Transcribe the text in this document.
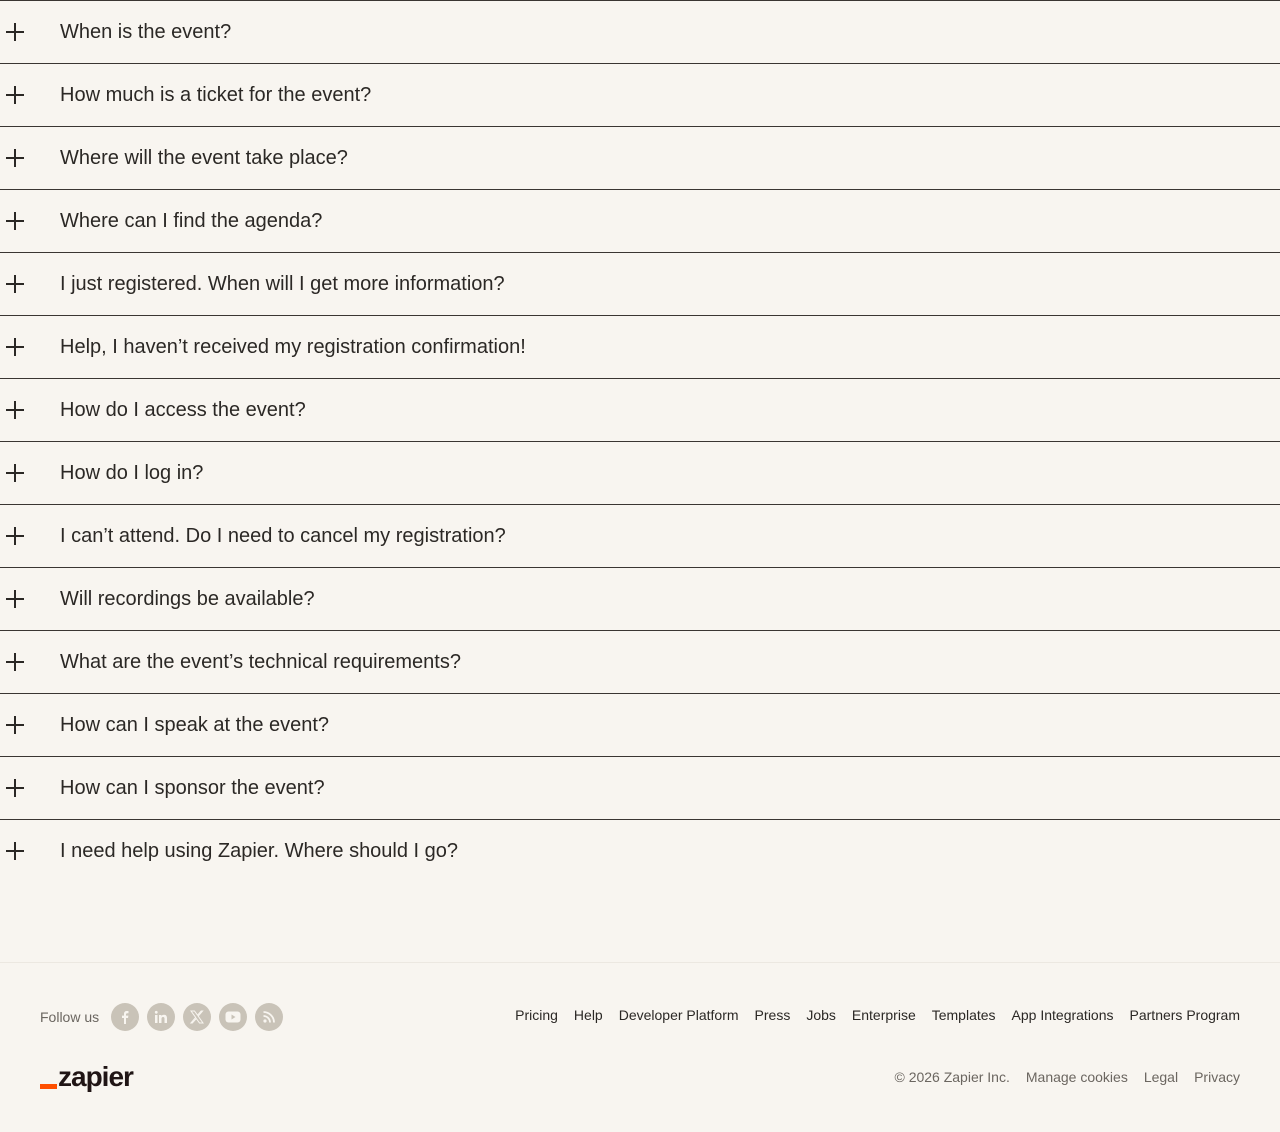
When is the event?
How much is a ticket for the event?
Where will the event take place?
Where can I find the agenda?
I just registered. When will I get more information?
Help, I haven’t received my registration confirmation!
How do I access the event?
How do I log in?
I can’t attend. Do I need to cancel my registration?
Will recordings be available?
What are the event’s technical requirements?
How can I speak at the event?
How can I sponsor the event?
I need help using Zapier. Where should I go?
Follow us	Pricing Help Developer Platform Press Jobs Enterprise Templates App Integrations Partners Program
zapier	© 2026 Zapier Inc. Manage cookies Legal Privacy
